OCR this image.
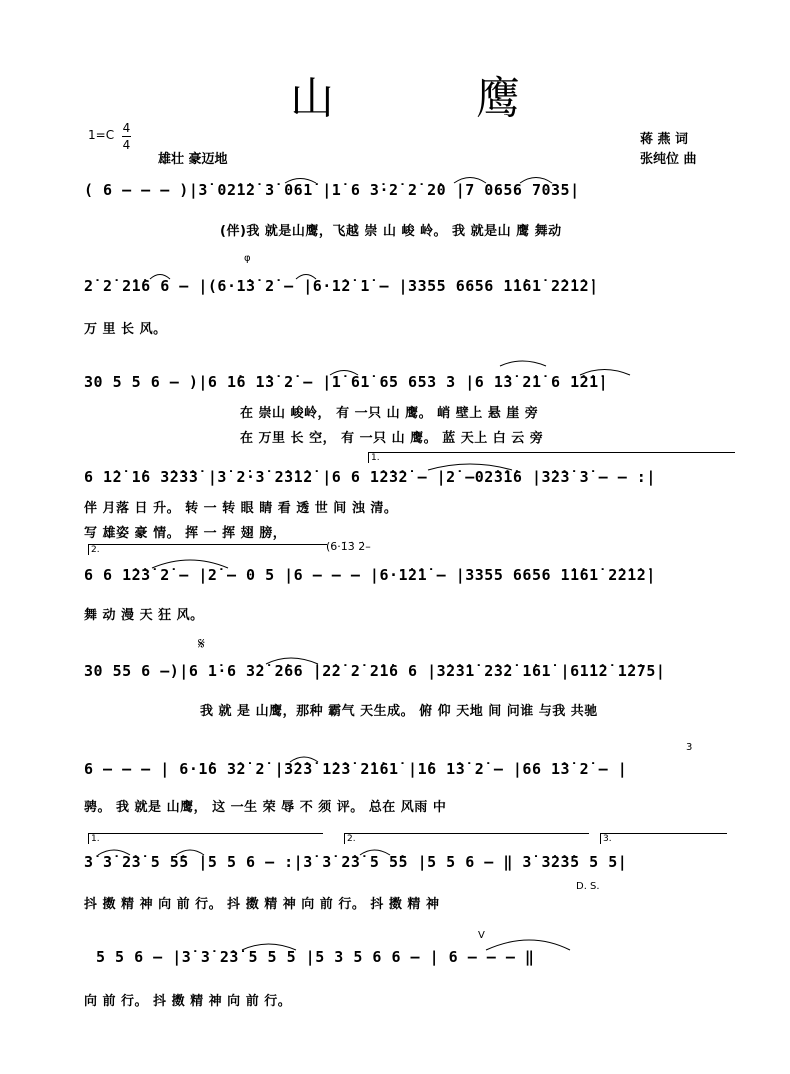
山 鹰
1=C 4
4
雄壮 豪迈地
蒋 燕 词
张纯位 曲
( 6 – – – )|3̇ 02̇1̇2̇ 3̇ 061̇ |1̇ 6 3̇·2̇ 2̇ 2̇0 |7 0656 7035|
(伴)我 就是山鹰，飞越 崇 山 峻 岭。 我 就是山 鹰 舞动
φ
2̇ 2̇ 2̇1̇6 6 – |(6·1̇3̇ 2̇ – |6·1̇2̇ 1̇ – |3355 6656 1̇1̇61̇ 2̇2̇1̇2̇|
万 里 长 风。
30 5 5 6 – )|6 1̇6 1̇3̇ 2̇ – |1̇ 61̇ 65 653 3 |6 1̇3̇ 2̇1̇ 6 1̇2̇1̇|
在 崇山 峻岭， 有 一只 山 鹰。 峭 壁上 悬 崖 旁
在 万里 长 空， 有 一只 山 鹰。 蓝 天上 白 云 旁
1.
6 1̇2̇ 1̇6 3̇2̇3̇3̇ |3̇ 2̇·3̇ 2̇3̇1̇2̇ |6 6 1̇2̇3̇2̇ – |2̇ –02̇3̇1̇6 |3̇2̇3̇ 3̇ – – :|
伴 月落 日 升。 转 一 转 眼 睛 看 透 世 间 浊 清。
写 雄姿 豪 情。 挥 一 挥 翅 膀，
2.	(6·1̇3̇ 2̇–
6 6 1̇2̇3̇ 2̇ – |2̇ – 0 5 |6 – – – |6·1̇2̇1̇ – |3355 6656 1̇1̇61̇ 2̇2̇1̇2̇|
舞 动 漫 天 狂 风。
𝄋
30 55 6 –)|6 1̇·6 3̇2̇ 2̇66 |2̇2̇ 2̇ 2̇1̇6 6 |3̇2̇3̇1̇ 2̇3̇2̇ 1̇61̇ |61̇1̇2̇ 1̇2̇75|
我 就 是 山鹰，那种 霸气 天生成。 俯 仰 天地 间 问谁 与我 共驰
3
6 – – – | 6·1̇6 3̇2̇ 2̇ |3̇2̇3̇ 1̇2̇3̇ 2̇1̇61̇ |1̇6 1̇3̇ 2̇ – |66 1̇3̇ 2̇ – |
骋。 我 就是 山鹰， 这 一生 荣 辱 不 须 评。 总在 风雨 中
1.	2.	3.
3̇ 3̇ 2̇3̇ 5 5̇5 |5 5 6 – :|3̇ 3̇ 2̇3̇ 5 5̇5 |5 5 6 – ‖ 3̇ 3̇2̇3̇5 5 5|
D. S.
抖 擞 精 神 向 前 行。 抖 擞 精 神 向 前 行。 抖 擞 精 神
V
5 5 6 – |3̇ 3̇ 2̇3̇ 5 5 5 |5 3 5 6 6 – | 6 – – – ‖
向 前 行。 抖 擞 精 神 向 前 行。
